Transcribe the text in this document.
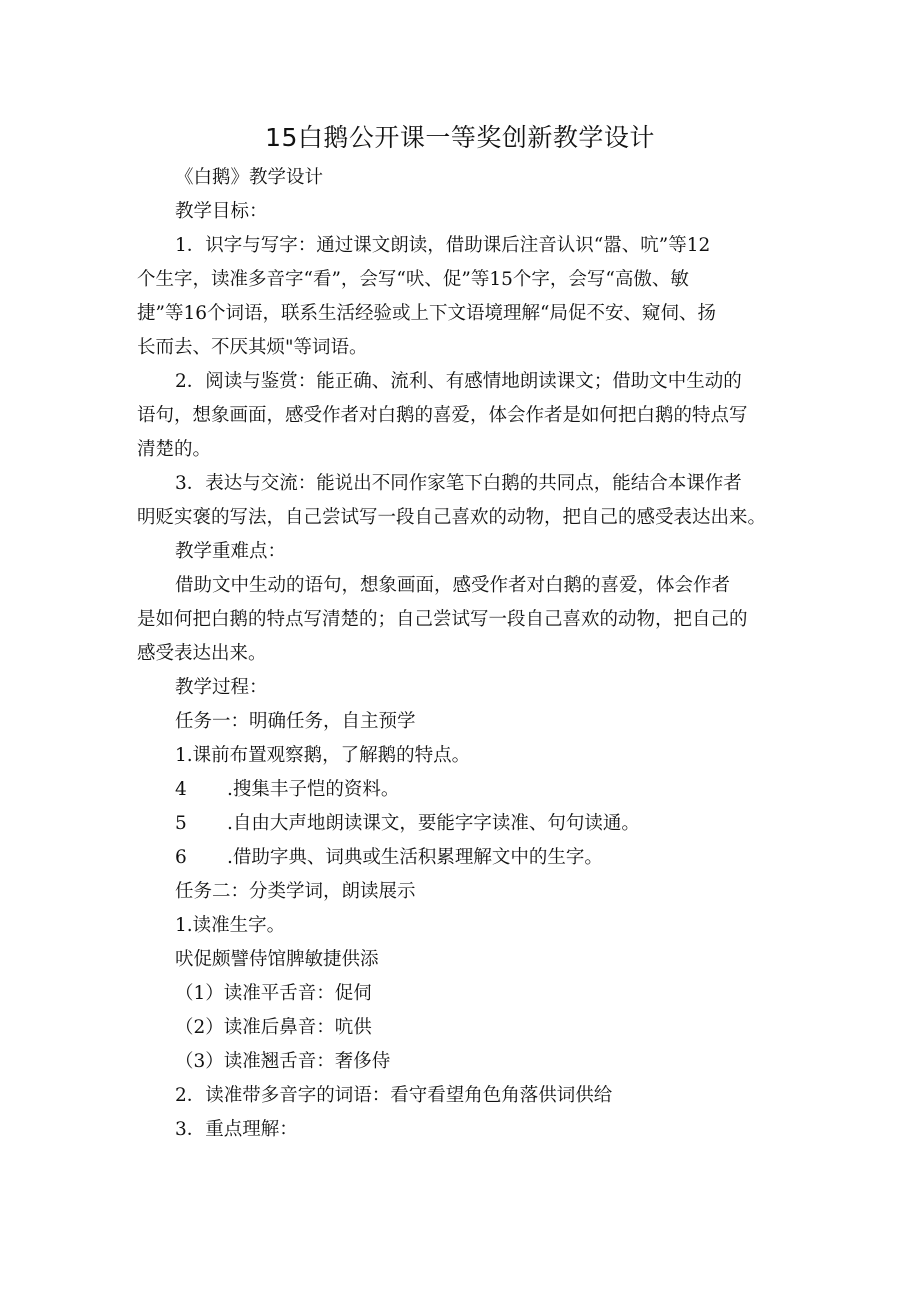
15白鹅公开课一等奖创新教学设计

《白鹅》教学设计

教学目标：

1．识字与写字：通过课文朗读，借助课后注音认识“嚣、吭”等12

个生字，读准多音字“看”，会写“吠、促”等15个字，会写“高傲、敏

捷”等16个词语，联系生活经验或上下文语境理解“局促不安、窥伺、扬

长而去、不厌其烦"等词语。

2．阅读与鉴赏：能正确、流利、有感情地朗读课文；借助文中生动的

语句，想象画面，感受作者对白鹅的喜爱，体会作者是如何把白鹅的特点写

清楚的。

3．表达与交流：能说出不同作家笔下白鹅的共同点，能结合本课作者

明贬实褒的写法，自己尝试写一段自己喜欢的动物，把自己的感受表达出来。

教学重难点：

借助文中生动的语句，想象画面，感受作者对白鹅的喜爱，体会作者

是如何把白鹅的特点写清楚的；自己尝试写一段自己喜欢的动物，把自己的

感受表达出来。

教学过程：

任务一：明确任务，自主预学

1.课前布置观察鹅，了解鹅的特点。

4 .搜集丰子恺的资料。

5 .自由大声地朗读课文，要能字字读准、句句读通。

6 .借助字典、词典或生活积累理解文中的生字。

任务二：分类学词，朗读展示

1.读准生字。

吠促颇譬侍馆脾敏捷供添

（1）读准平舌音：促伺

（2）读准后鼻音：吭供

（3）读准翘舌音：奢侈侍

2．读准带多音字的词语：看守看望角色角落供词供给

3．重点理解：
